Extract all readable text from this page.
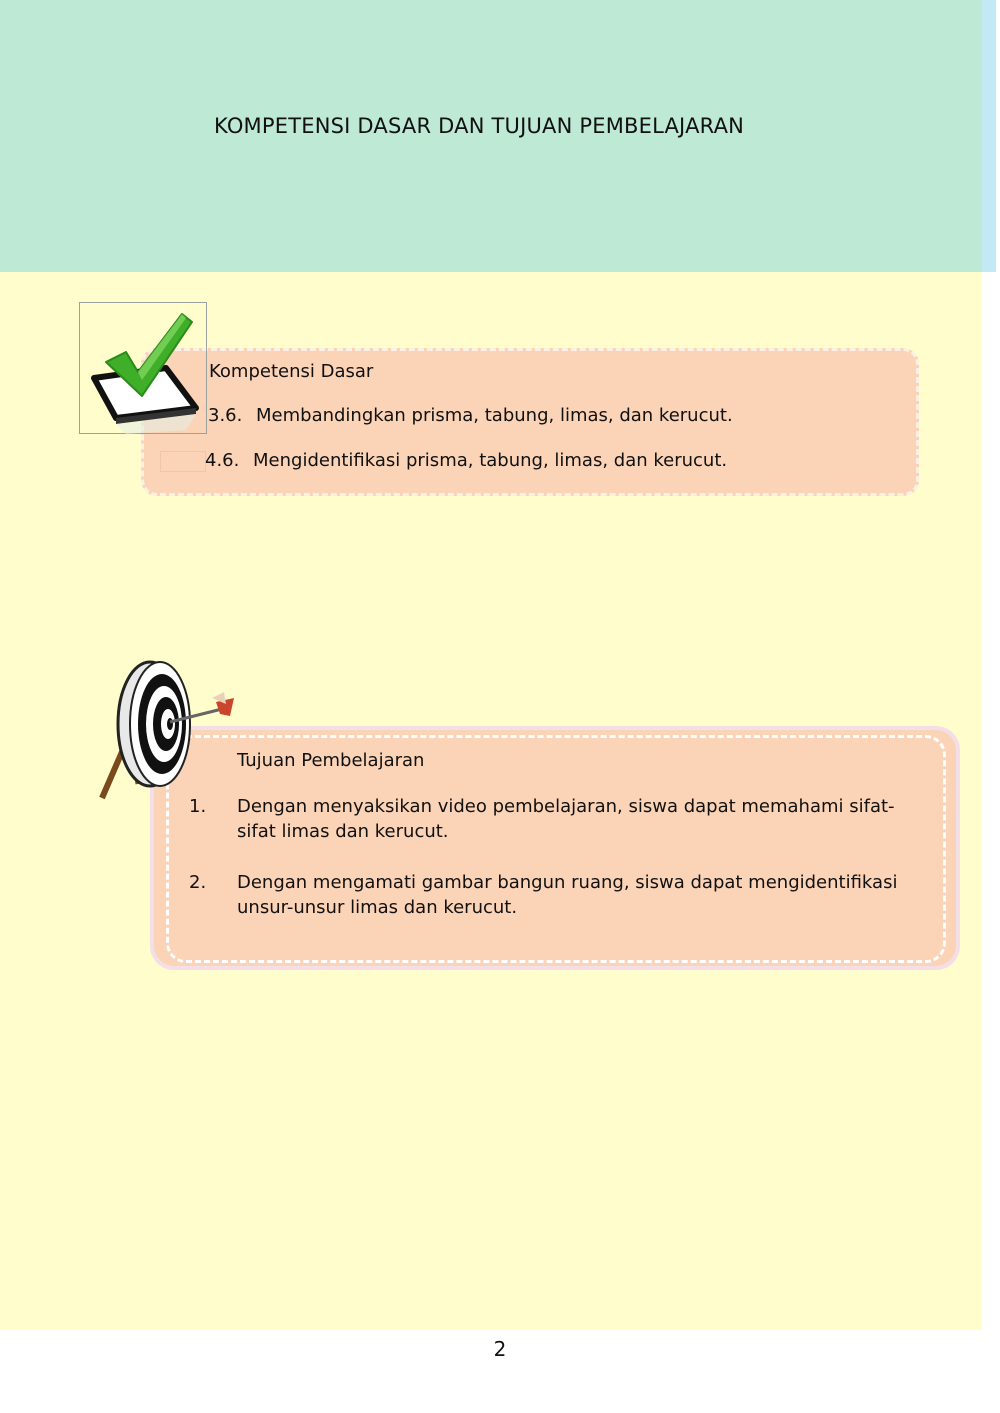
KOMPETENSI DASAR DAN TUJUAN PEMBELAJARAN
Kompetensi Dasar
3.6. Membandingkan prisma, tabung, limas, dan kerucut.
4.6. Mengidentifikasi prisma, tabung, limas, dan kerucut.
Tujuan Pembelajaran
1. Dengan menyaksikan video pembelajaran, siswa dapat memahami sifat-sifat limas dan kerucut.
2. Dengan mengamati gambar bangun ruang, siswa dapat mengidentifikasi unsur-unsur limas dan kerucut.
2
